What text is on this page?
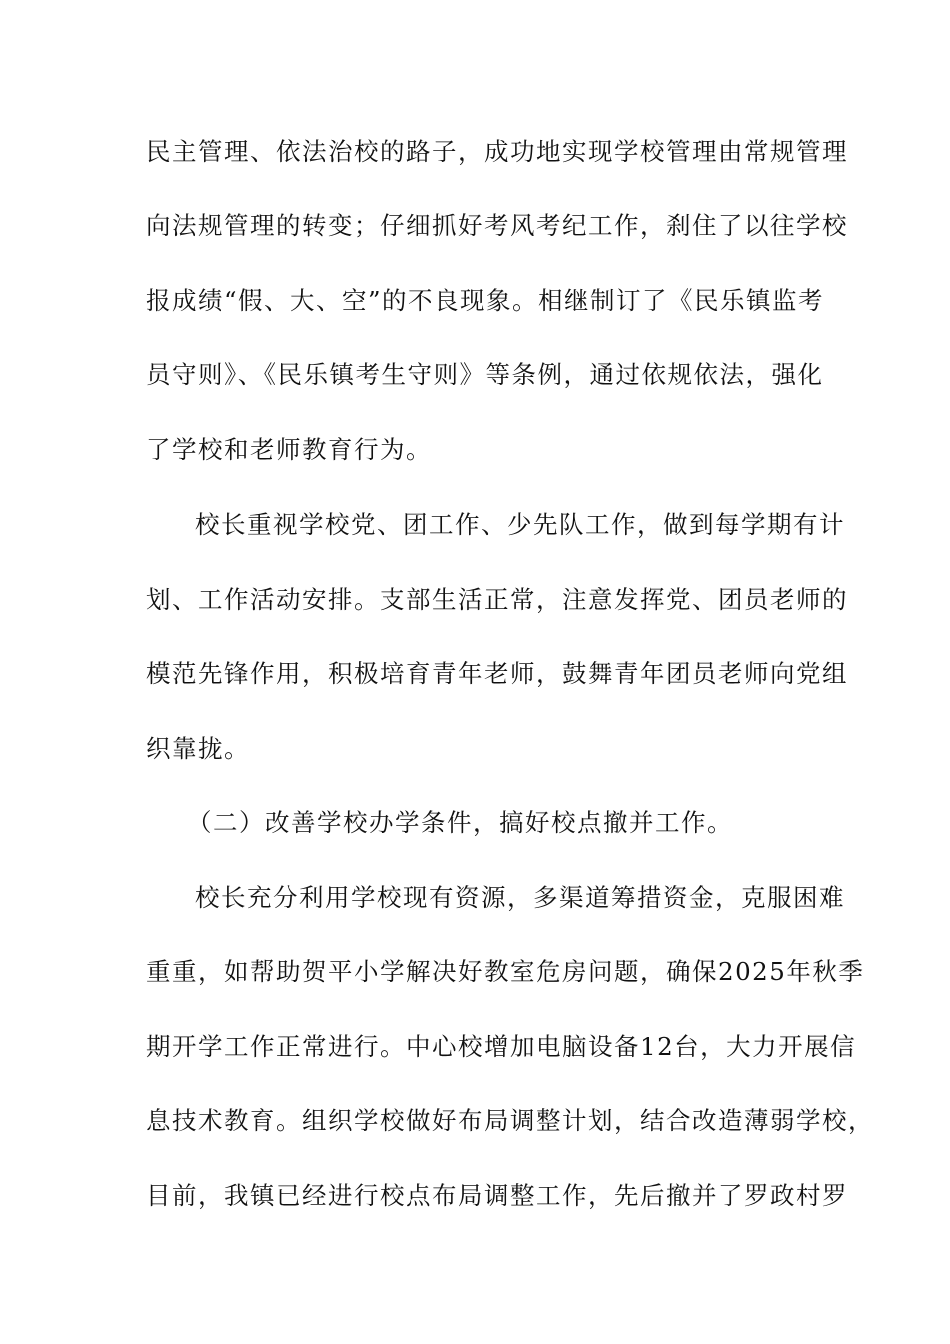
民主管理、依法治校的路子，成功地实现学校管理由常规管理
向法规管理的转变；仔细抓好考风考纪工作，刹住了以往学校
报成绩“假、大、空”的不良现象。相继制订了《民乐镇监考
员守则》、《民乐镇考生守则》等条例，通过依规依法，强化
了学校和老师教育行为。
校长重视学校党、团工作、少先队工作，做到每学期有计
划、工作活动安排。支部生活正常，注意发挥党、团员老师的
模范先锋作用，积极培育青年老师，鼓舞青年团员老师向党组
织靠拢。
（二）改善学校办学条件，搞好校点撤并工作。
校长充分利用学校现有资源，多渠道筹措资金，克服困难
重重，如帮助贺平小学解决好教室危房问题，确保2025年秋季
期开学工作正常进行。中心校增加电脑设备12台，大力开展信
息技术教育。组织学校做好布局调整计划，结合改造薄弱学校，
目前，我镇已经进行校点布局调整工作，先后撤并了罗政村罗
